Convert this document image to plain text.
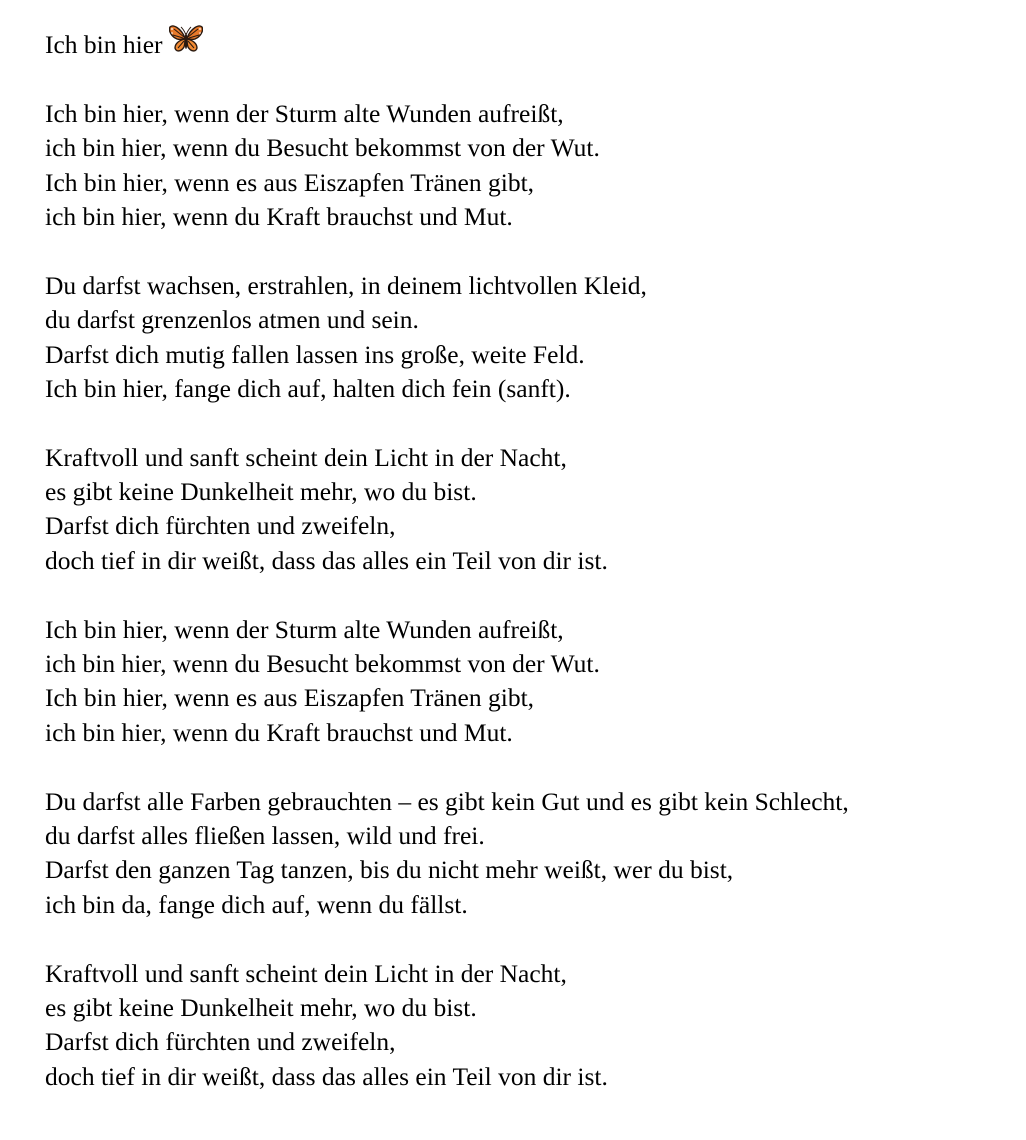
Ich bin hier
Ich bin hier, wenn der Sturm alte Wunden aufreißt,
ich bin hier, wenn du Besucht bekommst von der Wut.
Ich bin hier, wenn es aus Eiszapfen Tränen gibt,
ich bin hier, wenn du Kraft brauchst und Mut.
Du darfst wachsen, erstrahlen, in deinem lichtvollen Kleid,
du darfst grenzenlos atmen und sein.
Darfst dich mutig fallen lassen ins große, weite Feld.
Ich bin hier, fange dich auf, halten dich fein (sanft).
Kraftvoll und sanft scheint dein Licht in der Nacht,
es gibt keine Dunkelheit mehr, wo du bist.
Darfst dich fürchten und zweifeln,
doch tief in dir weißt, dass das alles ein Teil von dir ist.
Ich bin hier, wenn der Sturm alte Wunden aufreißt,
ich bin hier, wenn du Besucht bekommst von der Wut.
Ich bin hier, wenn es aus Eiszapfen Tränen gibt,
ich bin hier, wenn du Kraft brauchst und Mut.
Du darfst alle Farben gebrauchten – es gibt kein Gut und es gibt kein Schlecht,
du darfst alles fließen lassen, wild und frei.
Darfst den ganzen Tag tanzen, bis du nicht mehr weißt, wer du bist,
ich bin da, fange dich auf, wenn du fällst.
Kraftvoll und sanft scheint dein Licht in der Nacht,
es gibt keine Dunkelheit mehr, wo du bist.
Darfst dich fürchten und zweifeln,
doch tief in dir weißt, dass das alles ein Teil von dir ist.
